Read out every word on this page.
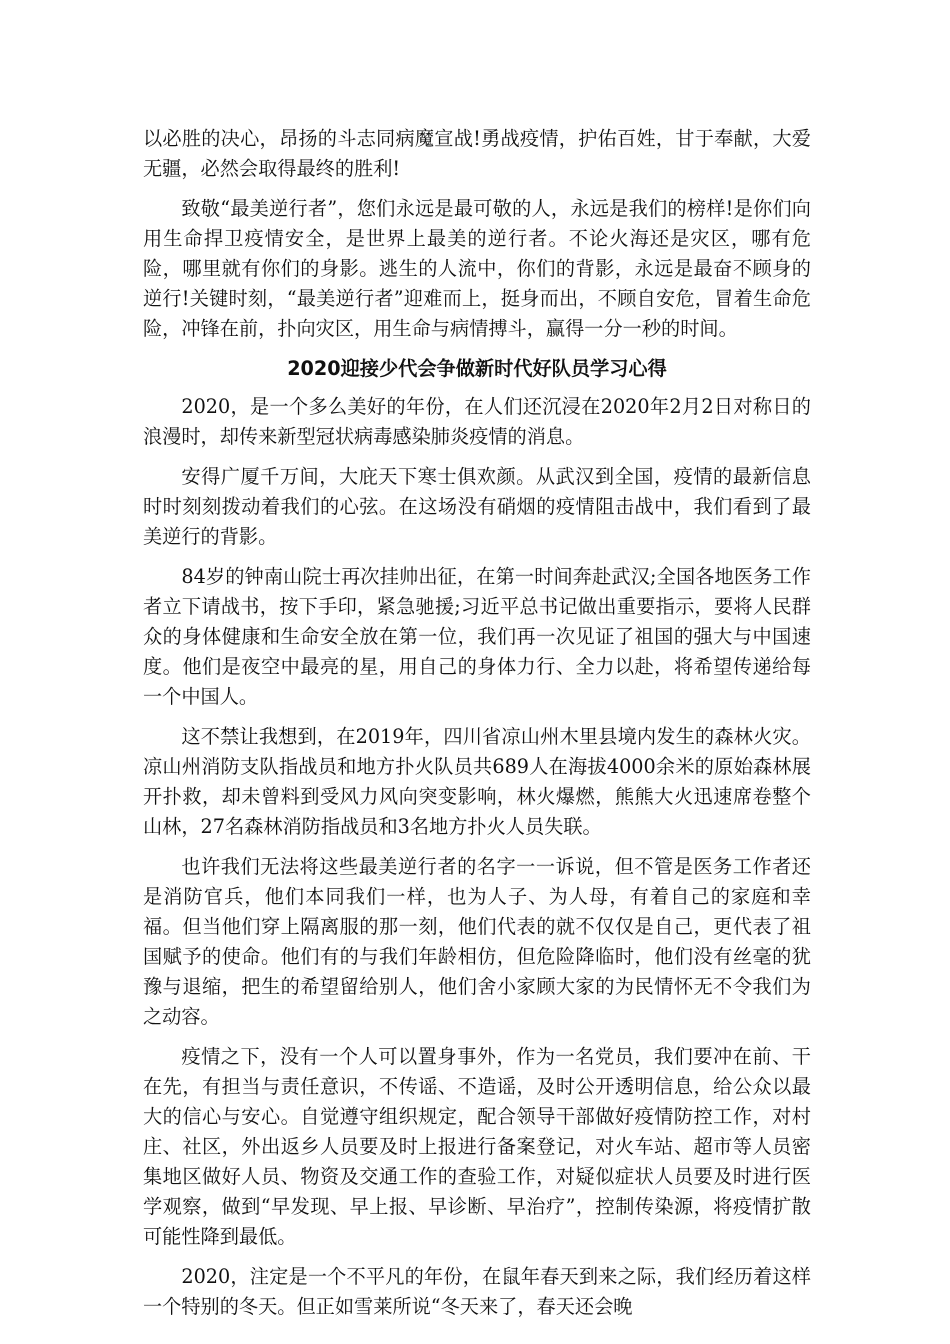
以必胜的决心，昂扬的斗志同病魔宣战!勇战疫情，护佑百姓，甘于奉献，大爱无疆，必然会取得最终的胜利!

致敬“最美逆行者”，您们永远是最可敬的人，永远是我们的榜样!是你们向用生命捍卫疫情安全，是世界上最美的逆行者。不论火海还是灾区，哪有危险，哪里就有你们的身影。逃生的人流中，你们的背影，永远是最奋不顾身的逆行!关键时刻，“最美逆行者”迎难而上，挺身而出，不顾自安危，冒着生命危险，冲锋在前，扑向灾区，用生命与病情搏斗，赢得一分一秒的时间。

2020迎接少代会争做新时代好队员学习心得

2020，是一个多么美好的年份，在人们还沉浸在2020年2月2日对称日的浪漫时，却传来新型冠状病毒感染肺炎疫情的消息。

安得广厦千万间，大庇天下寒士俱欢颜。从武汉到全国，疫情的最新信息时时刻刻拨动着我们的心弦。在这场没有硝烟的疫情阻击战中，我们看到了最美逆行的背影。

84岁的钟南山院士再次挂帅出征，在第一时间奔赴武汉;全国各地医务工作者立下请战书，按下手印，紧急驰援;习近平总书记做出重要指示，要将人民群众的身体健康和生命安全放在第一位，我们再一次见证了祖国的强大与中国速度。他们是夜空中最亮的星，用自己的身体力行、全力以赴，将希望传递给每一个中国人。

这不禁让我想到，在2019年，四川省凉山州木里县境内发生的森林火灾。凉山州消防支队指战员和地方扑火队员共689人在海拔4000余米的原始森林展开扑救，却未曾料到受风力风向突变影响，林火爆燃，熊熊大火迅速席卷整个山林，27名森林消防指战员和3名地方扑火人员失联。

也许我们无法将这些最美逆行者的名字一一诉说，但不管是医务工作者还是消防官兵，他们本同我们一样，也为人子、为人母，有着自己的家庭和幸福。但当他们穿上隔离服的那一刻，他们代表的就不仅仅是自己，更代表了祖国赋予的使命。他们有的与我们年龄相仿，但危险降临时，他们没有丝毫的犹豫与退缩，把生的希望留给别人，他们舍小家顾大家的为民情怀无不令我们为之动容。

疫情之下，没有一个人可以置身事外，作为一名党员，我们要冲在前、干在先，有担当与责任意识，不传谣、不造谣，及时公开透明信息，给公众以最大的信心与安心。自觉遵守组织规定，配合领导干部做好疫情防控工作，对村庄、社区，外出返乡人员要及时上报进行备案登记，对火车站、超市等人员密集地区做好人员、物资及交通工作的查验工作，对疑似症状人员要及时进行医学观察，做到“早发现、早上报、早诊断、早治疗”，控制传染源，将疫情扩散可能性降到最低。

2020，注定是一个不平凡的年份，在鼠年春天到来之际，我们经历着这样一个特别的冬天。但正如雪莱所说“冬天来了，春天还会晚
